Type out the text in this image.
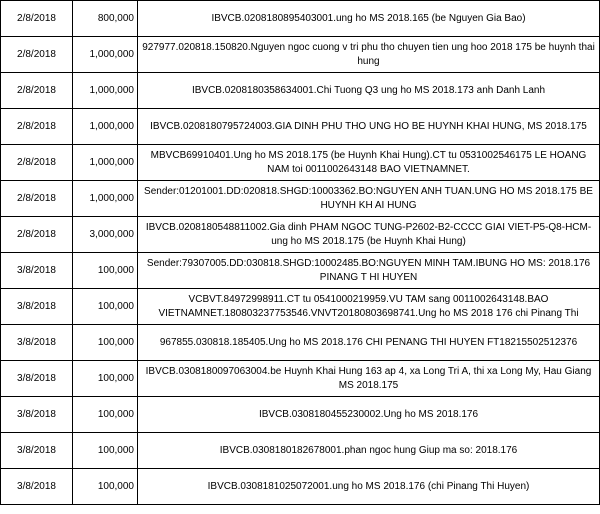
2/8/2018	800,000	IBVCB.0208180895403001.ung ho MS 2018.165 (be Nguyen Gia Bao)
2/8/2018	1,000,000	927977.020818.150820.Nguyen ngoc cuong v tri phu tho chuyen tien ung hoo 2018 175 be huynh thai hung
2/8/2018	1,000,000	IBVCB.0208180358634001.Chi Tuong Q3 ung ho MS 2018.173 anh Danh Lanh
2/8/2018	1,000,000	IBVCB.0208180795724003.GIA DINH PHU THO UNG HO BE HUYNH KHAI HUNG, MS 2018.175
2/8/2018	1,000,000	MBVCB69910401.Ung ho MS 2018.175 (be Huynh Khai Hung).CT tu 0531002546175 LE HOANG NAM toi 0011002643148 BAO VIETNAMNET.
2/8/2018	1,000,000	Sender:01201001.DD:020818.SHGD:10003362.BO:NGUYEN ANH TUAN.UNG HO MS 2018.175 BE HUYNH KH AI HUNG
2/8/2018	3,000,000	IBVCB.0208180548811002.Gia dinh PHAM NGOC TUNG-P2602-B2-CCCC GIAI VIET-P5-Q8-HCM-ung ho MS 2018.175 (be Huynh Khai Hung)
3/8/2018	100,000	Sender:79307005.DD:030818.SHGD:10002485.BO:NGUYEN MINH TAM.IBUNG HO MS: 2018.176 PINANG T HI HUYEN
3/8/2018	100,000	VCBVT.84972998911.CT tu 0541000219959.VU TAM sang 0011002643148.BAO VIETNAMNET.180803237753546.VNVT20180803698741.Ung ho MS 2018 176 chi Pinang Thi
3/8/2018	100,000	967855.030818.185405.Ung ho MS 2018.176 CHI PENANG THI HUYEN FT18215502512376
3/8/2018	100,000	IBVCB.0308180097063004.be Huynh Khai Hung 163 ap 4, xa Long Tri A, thi xa Long My, Hau Giang MS 2018.175
3/8/2018	100,000	IBVCB.0308180455230002.Ung ho MS 2018.176
3/8/2018	100,000	IBVCB.0308180182678001.phan ngoc hung Giup ma so: 2018.176
3/8/2018	100,000	IBVCB.0308181025072001.ung ho MS 2018.176 (chi Pinang Thi Huyen)
